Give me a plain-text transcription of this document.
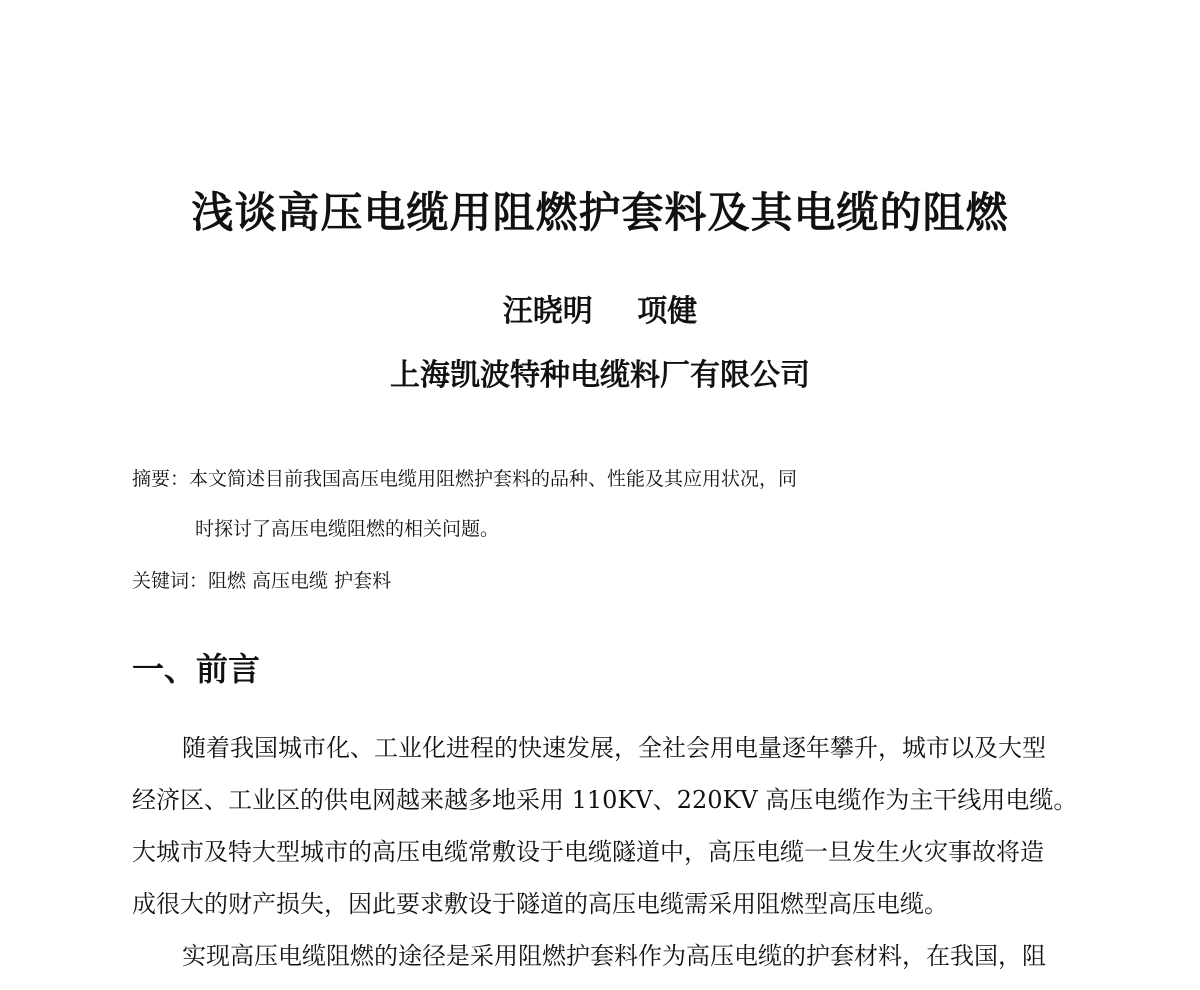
浅谈高压电缆用阻燃护套料及其电缆的阻燃
汪晓明 项健
上海凯波特种电缆料厂有限公司
摘要：本文简述目前我国高压电缆用阻燃护套料的品种、性能及其应用状况，同
时探讨了高压电缆阻燃的相关问题。
关键词：阻燃 高压电缆 护套料
一、前言
随着我国城市化、工业化进程的快速发展，全社会用电量逐年攀升，城市以及大型
经济区、工业区的供电网越来越多地采用 110KV、220KV 高压电缆作为主干线用电缆。
大城市及特大型城市的高压电缆常敷设于电缆隧道中，高压电缆一旦发生火灾事故将造
成很大的财产损失，因此要求敷设于隧道的高压电缆需采用阻燃型高压电缆。
实现高压电缆阻燃的途径是采用阻燃护套料作为高压电缆的护套材料，在我国，阻
